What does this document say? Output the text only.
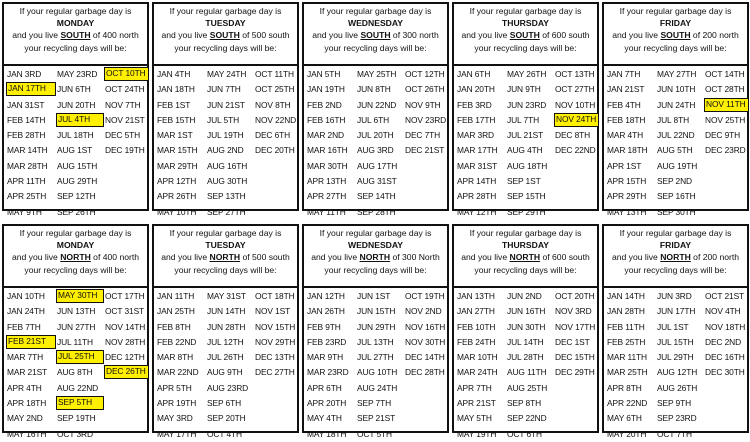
If your regular garbage day is
MONDAY
and you live SOUTH of 400 north
your recycling days will be:
JAN 3RD	MAY 23RD	OCT 10TH
JAN 17TH	JUN 6TH	OCT 24TH
JAN 31ST	JUN 20TH	NOV 7TH
FEB 14TH	JUL 4TH	NOV 21ST
FEB 28TH	JUL 18TH	DEC 5TH
MAR 14TH	AUG 1ST	DEC 19TH
MAR 28TH	AUG 15TH
APR 11TH	AUG 29TH
APR 25TH	SEP 12TH
MAY 9TH	SEP 26TH
If your regular garbage day is
TUESDAY
and you live SOUTH of 500 south
your recycling days will be:
JAN 4TH	MAY 24TH	OCT 11TH
JAN 18TH	JUN 7TH	OCT 25TH
FEB 1ST	JUN 21ST	NOV 8TH
FEB 15TH	JUL 5TH	NOV 22ND
MAR 1ST	JUL 19TH	DEC 6TH
MAR 15TH	AUG 2ND	DEC 20TH
MAR 29TH	AUG 16TH
APR 12TH	AUG 30TH
APR 26TH	SEP 13TH
MAY 10TH	SEP 27TH
If your regular garbage day is
WEDNESDAY
and you live SOUTH of 300 north
your recycling days will be:
JAN 5TH	MAY 25TH	OCT 12TH
JAN 19TH	JUN 8TH	OCT 26TH
FEB 2ND	JUN 22ND	NOV 9TH
FEB 16TH	JUL 6TH	NOV 23RD
MAR 2ND	JUL 20TH	DEC 7TH
MAR 16TH	AUG 3RD	DEC 21ST
MAR 30TH	AUG 17TH
APR 13TH	AUG 31ST
APR 27TH	SEP 14TH
MAY 11TH	SEP 28TH
If your regular garbage day is
THURSDAY
and you live SOUTH of 600 south
your recycling days will be:
JAN 6TH	MAY 26TH	OCT 13TH
JAN 20TH	JUN 9TH	OCT 27TH
FEB 3RD	JUN 23RD	NOV 10TH
FEB 17TH	JUL 7TH	NOV 24TH
MAR 3RD	JUL 21ST	DEC 8TH
MAR 17TH	AUG 4TH	DEC 22ND
MAR 31ST	AUG 18TH
APR 14TH	SEP 1ST
APR 28TH	SEP 15TH
MAY 12TH	SEP 29TH
If your regular garbage day is
FRIDAY
and you live SOUTH of 200 north
your recycling days will be:
JAN 7TH	MAY 27TH	OCT 14TH
JAN 21ST	JUN 10TH	OCT 28TH
FEB 4TH	JUN 24TH	NOV 11TH
FEB 18TH	JUL 8TH	NOV 25TH
MAR 4TH	JUL 22ND	DEC 9TH
MAR 18TH	AUG 5TH	DEC 23RD
APR 1ST	AUG 19TH
APR 15TH	SEP 2ND
APR 29TH	SEP 16TH
MAY 13TH	SEP 30TH
If your regular garbage day is
MONDAY
and you live NORTH of 400 north
your recycling days will be:
JAN 10TH	MAY 30TH OCT 17TH
JAN 24TH	JUN 13TH	OCT 31ST
FEB 7TH	JUN 27TH	NOV 14TH
FEB 21ST	JUL 11TH	NOV 28TH
MAR 7TH	JUL 25TH	DEC 12TH
MAR 21ST	AUG 8TH	DEC 26TH
APR 4TH	AUG 22ND
APR 18TH	SEP 5TH
MAY 2ND	SEP 19TH
MAY 16TH	OCT 3RD
If your regular garbage day is
TUESDAY
and you live NORTH of 500 south
your recycling days will be:
JAN 11TH	MAY 31ST	OCT 18TH
JAN 25TH	JUN 14TH	NOV 1ST
FEB 8TH	JUN 28TH	NOV 15TH
FEB 22ND	JUL 12TH	NOV 29TH
MAR 8TH	JUL 26TH	DEC 13TH
MAR 22ND	AUG 9TH	DEC 27TH
APR 5TH	AUG 23RD
APR 19TH	SEP 6TH
MAY 3RD	SEP 20TH
MAY 17TH	OCT 4TH
If your regular garbage day is
WEDNESDAY
and you live NORTH of 300 North
your recycling days will be:
JAN 12TH	JUN 1ST	OCT 19TH
JAN 26TH	JUN 15TH	NOV 2ND
FEB 9TH	JUN 29TH	NOV 16TH
FEB 23RD	JUL 13TH	NOV 30TH
MAR 9TH	JUL 27TH	DEC 14TH
MAR 23RD	AUG 10TH DEC 28TH
APR 6TH	AUG 24TH
APR 20TH	SEP 7TH
MAY 4TH	SEP 21ST
MAY 18TH	OCT 5TH
If your regular garbage day is
THURSDAY
and you live NORTH of 600 south
your recycling days will be:
JAN 13TH	JUN 2ND	OCT 20TH
JAN 27TH	JUN 16TH	NOV 3RD
FEB 10TH	JUN 30TH	NOV 17TH
FEB 24TH	JUL 14TH	DEC 1ST
MAR 10TH	JUL 28TH	DEC 15TH
MAR 24TH	AUG 11TH	DEC 29TH
APR 7TH	AUG 25TH
APR 21ST	SEP 8TH
MAY 5TH	SEP 22ND
MAY 19TH	OCT 6TH
If your regular garbage day is
FRIDAY
and you live NORTH of 200 north
your recycling days will be:
JAN 14TH	JUN 3RD	OCT 21ST
JAN 28TH	JUN 17TH	NOV 4TH
FEB 11TH	JUL 1ST	NOV 18TH
FEB 25TH	JUL 15TH	DEC 2ND
MAR 11TH	JUL 29TH	DEC 16TH
MAR 25TH	AUG 12TH DEC 30TH
APR 8TH	AUG 26TH
APR 22ND	SEP 9TH
MAY 6TH	SEP 23RD
MAY 20TH	OCT 7TH
